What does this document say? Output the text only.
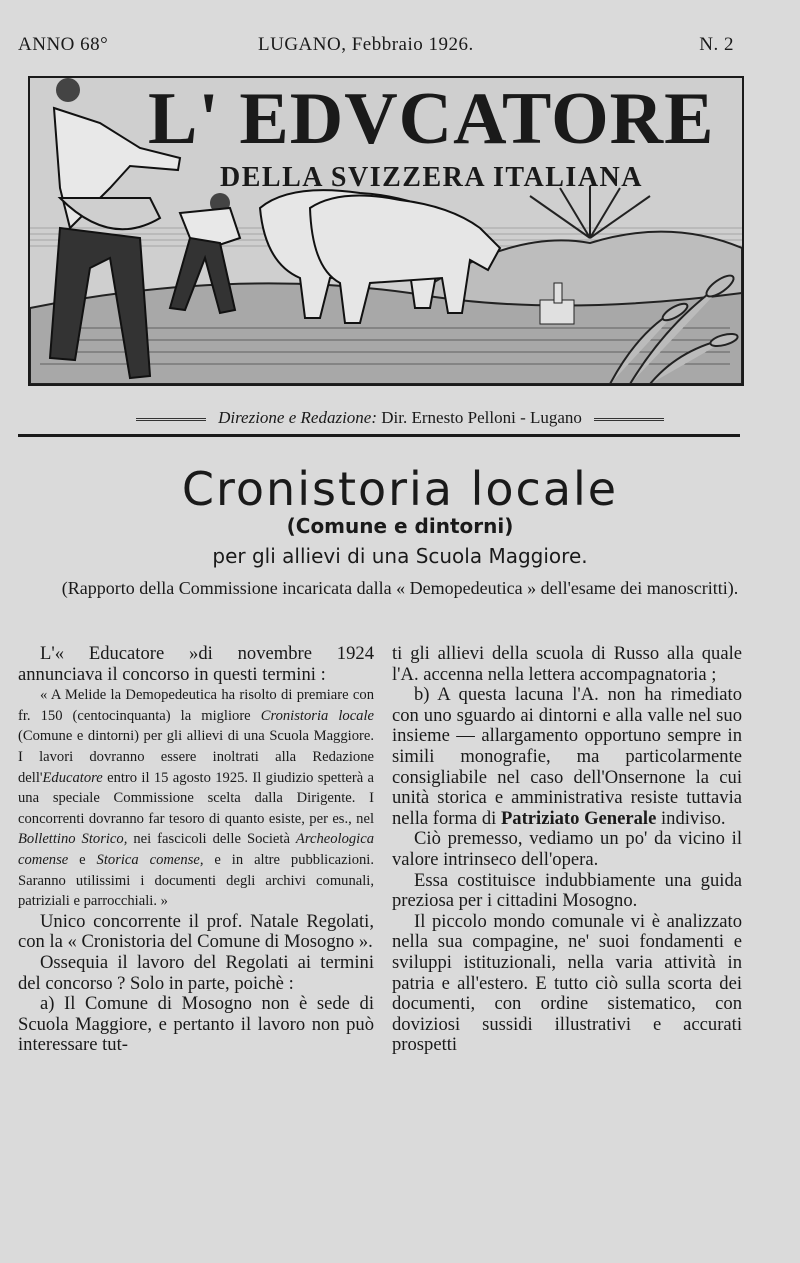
ANNO 68°	LUGANO, Febbraio 1926.	N. 2
L' EDVCATORE
DELLA SVIZZERA ITALIANA
Direzione e Redazione: Dir. Ernesto Pelloni - Lugano
Cronistoria locale
(Comune e dintorni)
per gli allievi di una Scuola Maggiore.
(Rapporto della Commissione incaricata dalla « Demopedeutica » dell'esame dei manoscritti).

L'« Educatore »di novembre 1924 annunciava il concorso in questi termini :

« A Melide la Demopedeutica ha risolto di premiare con fr. 150 (centocinquanta) la migliore Cronistoria locale (Comune e dintorni) per gli allievi di una Scuola Maggiore. I lavori dovranno essere inoltrati alla Redazione dell'Educatore entro il 15 agosto 1925. Il giudizio spetterà a una speciale Commissione scelta dalla Dirigente. I concorrenti dovranno far tesoro di quanto esiste, per es., nel Bollettino Storico, nei fascicoli delle Società Archeologica comense e Storica comense, e in altre pubblicazioni. Saranno utilissimi i documenti degli archivi comunali, patriziali e parrocchiali. »

Unico concorrente il prof. Natale Regolati, con la « Cronistoria del Comune di Mosogno ».

Ossequia il lavoro del Regolati ai termini del concorso ? Solo in parte, poichè :

a) Il Comune di Mosogno non è sede di Scuola Maggiore, e pertanto il lavoro non può interessare tut-

ti gli allievi della scuola di Russo alla quale l'A. accenna nella lettera accompagnatoria ;

b) A questa lacuna l'A. non ha rimediato con uno sguardo ai dintorni e alla valle nel suo insieme — allargamento opportuno sempre in simili monografie, ma particolarmente consigliabile nel caso dell'Onsernone la cui unità storica e amministrativa resiste tuttavia nella forma di Patriziato Generale indiviso.

Ciò premesso, vediamo un po' da vicino il valore intrinseco dell'opera.

Essa costituisce indubbiamente una guida preziosa per i cittadini Mosogno.

Il piccolo mondo comunale vi è analizzato nella sua compagine, ne' suoi fondamenti e sviluppi istituzionali, nella varia attività in patria e all'estero. E tutto ciò sulla scorta dei documenti, con ordine sistematico, con doviziosi sussidi illustrativi e accurati prospetti
